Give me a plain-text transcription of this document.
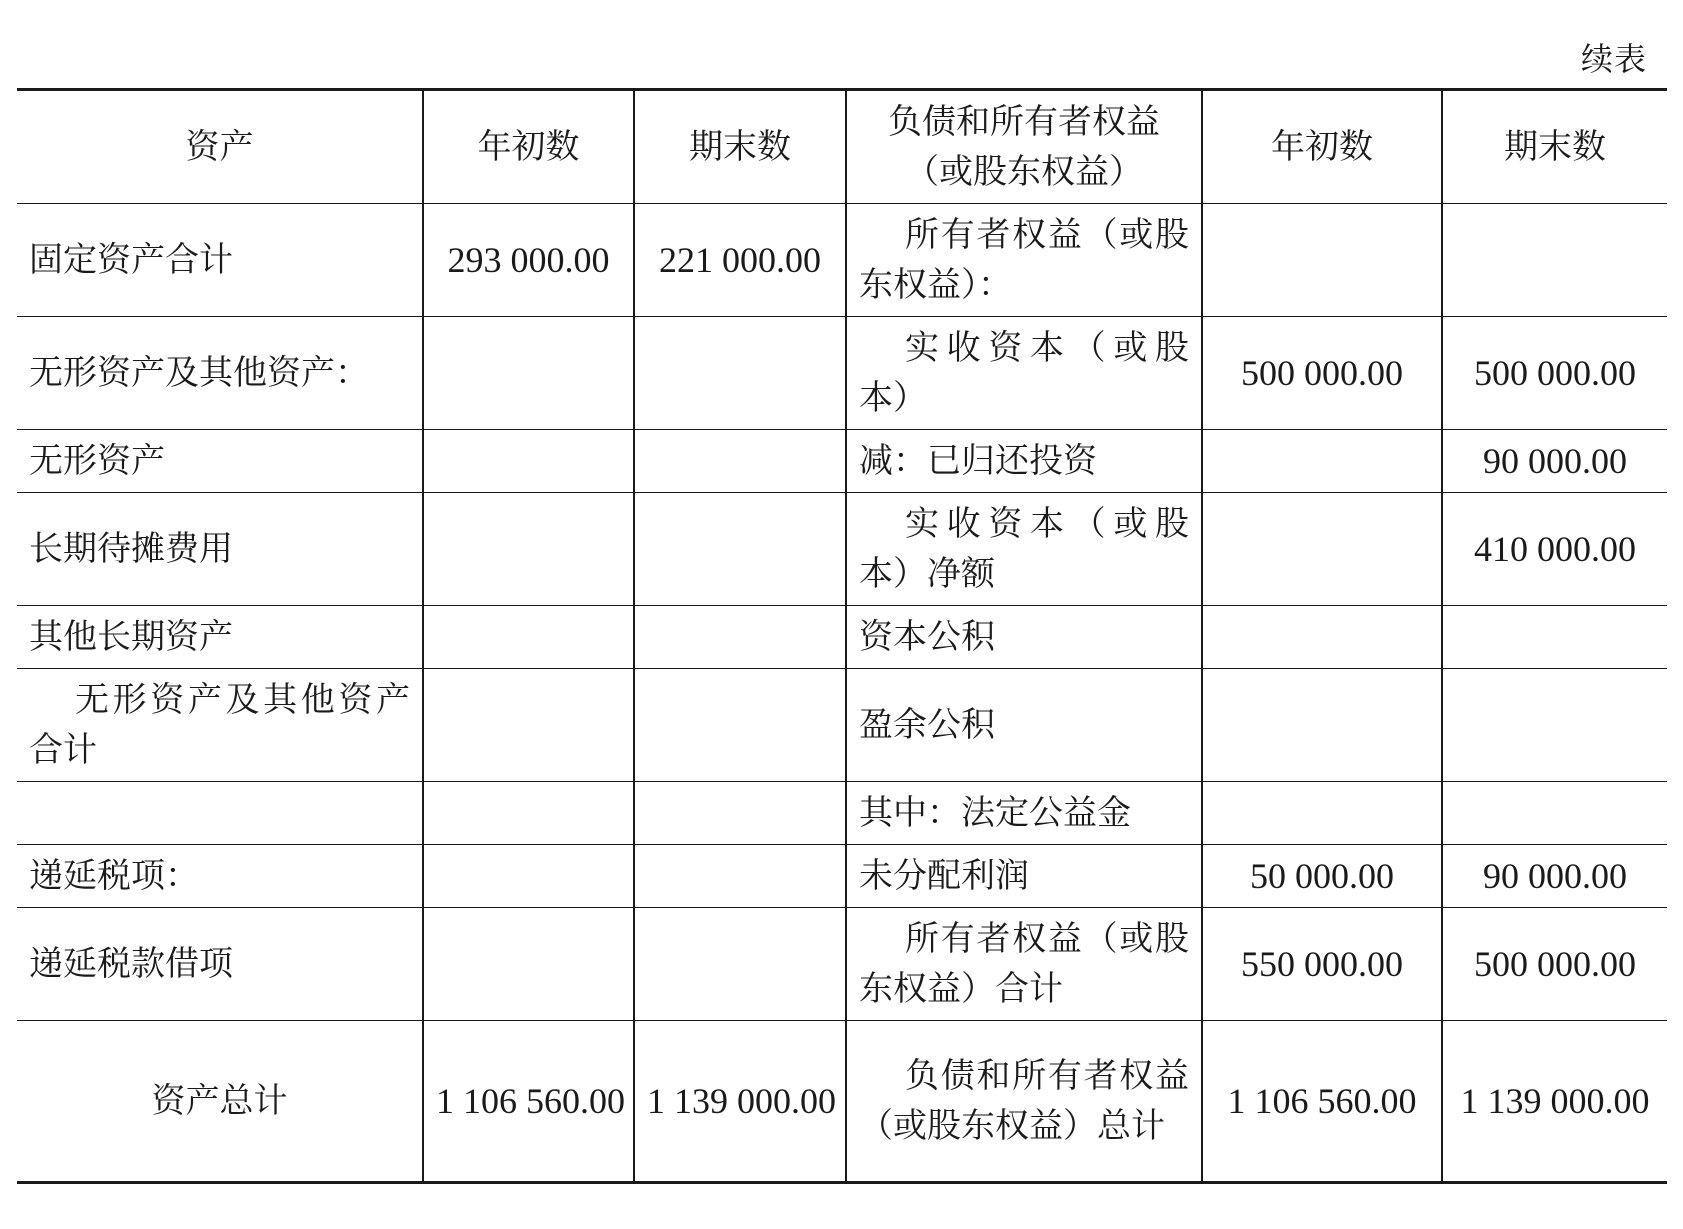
续表
资产	年初数	期末数	负债和所有者权益（或股东权益）	年初数	期末数
固定资产合计	293 000.00	221 000.00	所有者权益（或股东权益）：		
无形资产及其他资产：			实收资本（或股本）	500 000.00	500 000.00
无形资产			减：已归还投资		90 000.00
长期待摊费用			实收资本（或股本）净额		410 000.00
其他长期资产			资本公积		
无形资产及其他资产合计			盈余公积		
			其中：法定公益金		
递延税项：			未分配利润	50 000.00	90 000.00
递延税款借项			所有者权益（或股东权益）合计	550 000.00	500 000.00
资产总计	1 106 560.00	1 139 000.00	负债和所有者权益（或股东权益）总计	1 106 560.00	1 139 000.00
